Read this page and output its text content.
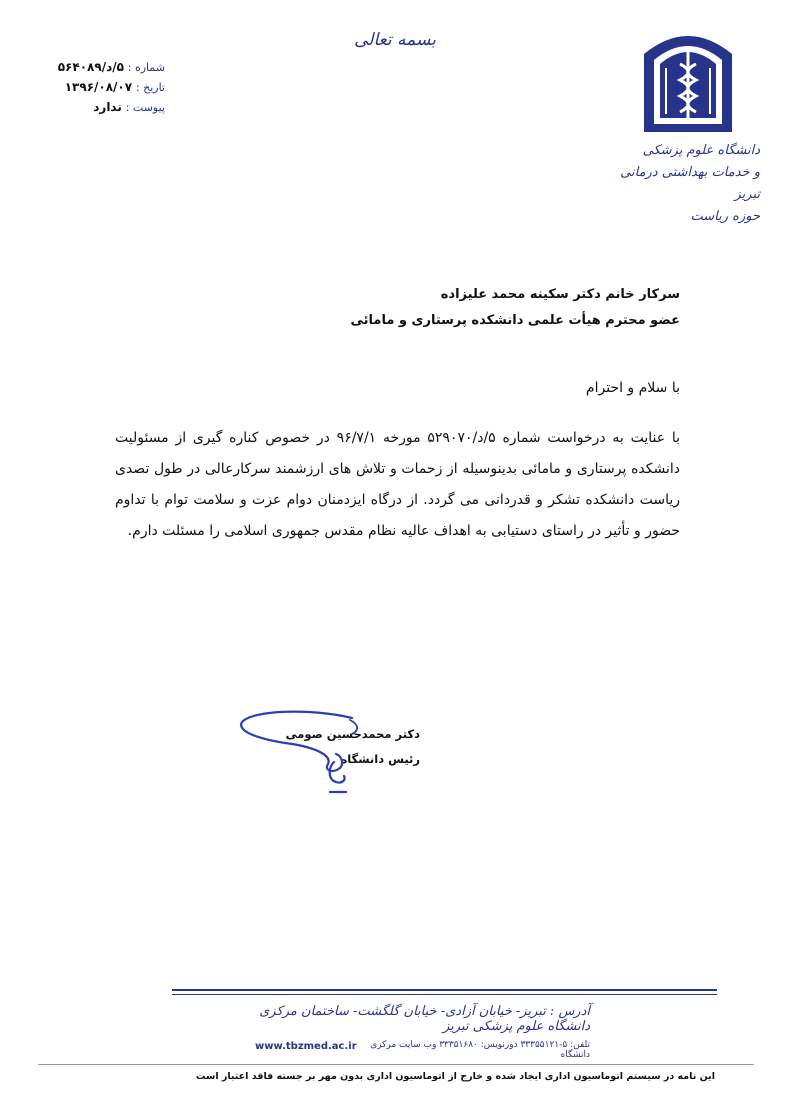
بسمه تعالی
شماره : ۵/د/۵۶۴۰۸۹
تاریخ : ۱۳۹۶/۰۸/۰۷
پیوست : ندارد
دانشگاه علوم پزشکی
و خدمات بهداشتی درمانی تبریز
حوزه ریاست
سرکار خانم دکتر سکینه محمد علیزاده
عضو محترم هیأت علمی دانشکده پرستاری و مامائی
با سلام و احترام
با عنایت به درخواست شماره ۵/د/۵۲۹۰۷۰ مورخه ۹۶/۷/۱ در خصوص کناره گیری از مسئولیت دانشکده پرستاری و مامائی بدینوسیله از زحمات و تلاش های ارزشمند سرکارعالی در طول تصدی ریاست دانشکده تشکر و قدردانی می گردد. از درگاه ایزدمنان دوام عزت و سلامت توام با تداوم حضور و تأثیر در راستای دستیابی به اهداف عالیه نظام مقدس جمهوری اسلامی را مسئلت دارم.
دکتر محمدحسین صومی
رئیس دانشگاه
آدرس : تبریز- خیابان آزادی- خیابان گلگشت- ساختمان مرکزی دانشگاه علوم پزشکی تبریز
تلفن: ۵-۳۳۳۵۵۱۲۱ دورنویس: ۳۳۳۵۱۶۸۰ وب سایت مرکزی دانشگاه
www.tbzmed.ac.ir
این نامه در سیستم اتوماسیون اداری ایجاد شده و خارج از اتوماسیون اداری بدون مهر بر جسته فاقد اعتبار است
